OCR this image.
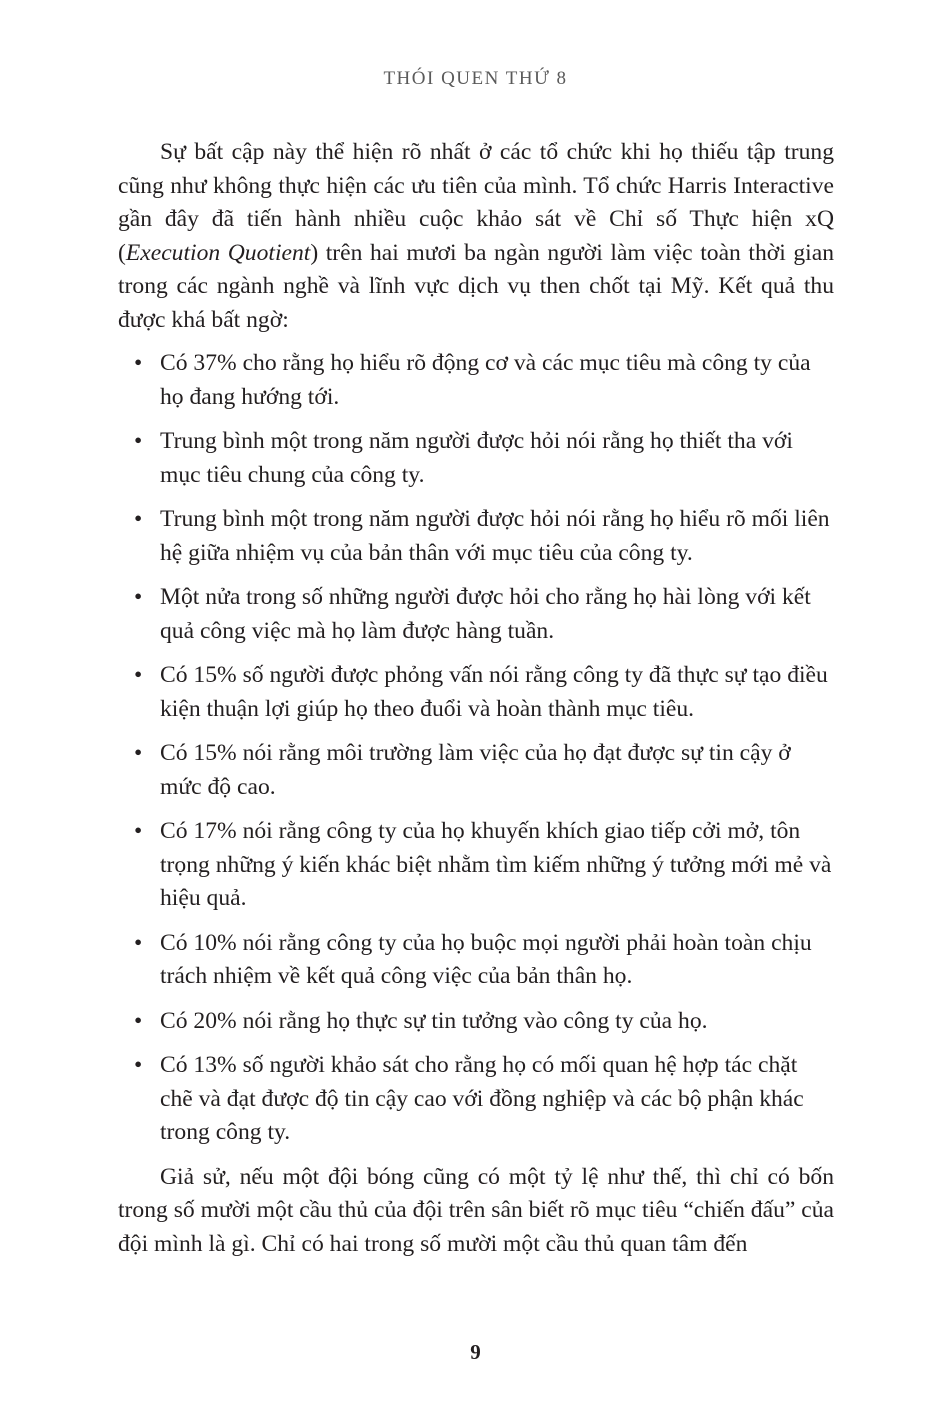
THÓI QUEN THỨ 8

Sự bất cập này thể hiện rõ nhất ở các tổ chức khi họ thiếu tập trung cũng như không thực hiện các ưu tiên của mình. Tổ chức Harris Interactive gần đây đã tiến hành nhiều cuộc khảo sát về Chỉ số Thực hiện xQ (Execution Quotient) trên hai mươi ba ngàn người làm việc toàn thời gian trong các ngành nghề và lĩnh vực dịch vụ then chốt tại Mỹ. Kết quả thu được khá bất ngờ:

• Có 37% cho rằng họ hiểu rõ động cơ và các mục tiêu mà công ty của họ đang hướng tới.
• Trung bình một trong năm người được hỏi nói rằng họ thiết tha với mục tiêu chung của công ty.
• Trung bình một trong năm người được hỏi nói rằng họ hiểu rõ mối liên hệ giữa nhiệm vụ của bản thân với mục tiêu của công ty.
• Một nửa trong số những người được hỏi cho rằng họ hài lòng với kết quả công việc mà họ làm được hàng tuần.
• Có 15% số người được phỏng vấn nói rằng công ty đã thực sự tạo điều kiện thuận lợi giúp họ theo đuổi và hoàn thành mục tiêu.
• Có 15% nói rằng môi trường làm việc của họ đạt được sự tin cậy ở mức độ cao.
• Có 17% nói rằng công ty của họ khuyến khích giao tiếp cởi mở, tôn trọng những ý kiến khác biệt nhằm tìm kiếm những ý tưởng mới mẻ và hiệu quả.
• Có 10% nói rằng công ty của họ buộc mọi người phải hoàn toàn chịu trách nhiệm về kết quả công việc của bản thân họ.
• Có 20% nói rằng họ thực sự tin tưởng vào công ty của họ.
• Có 13% số người khảo sát cho rằng họ có mối quan hệ hợp tác chặt chẽ và đạt được độ tin cậy cao với đồng nghiệp và các bộ phận khác trong công ty.

Giả sử, nếu một đội bóng cũng có một tỷ lệ như thế, thì chỉ có bốn trong số mười một cầu thủ của đội trên sân biết rõ mục tiêu “chiến đấu” của đội mình là gì. Chỉ có hai trong số mười một cầu thủ quan tâm đến

9
